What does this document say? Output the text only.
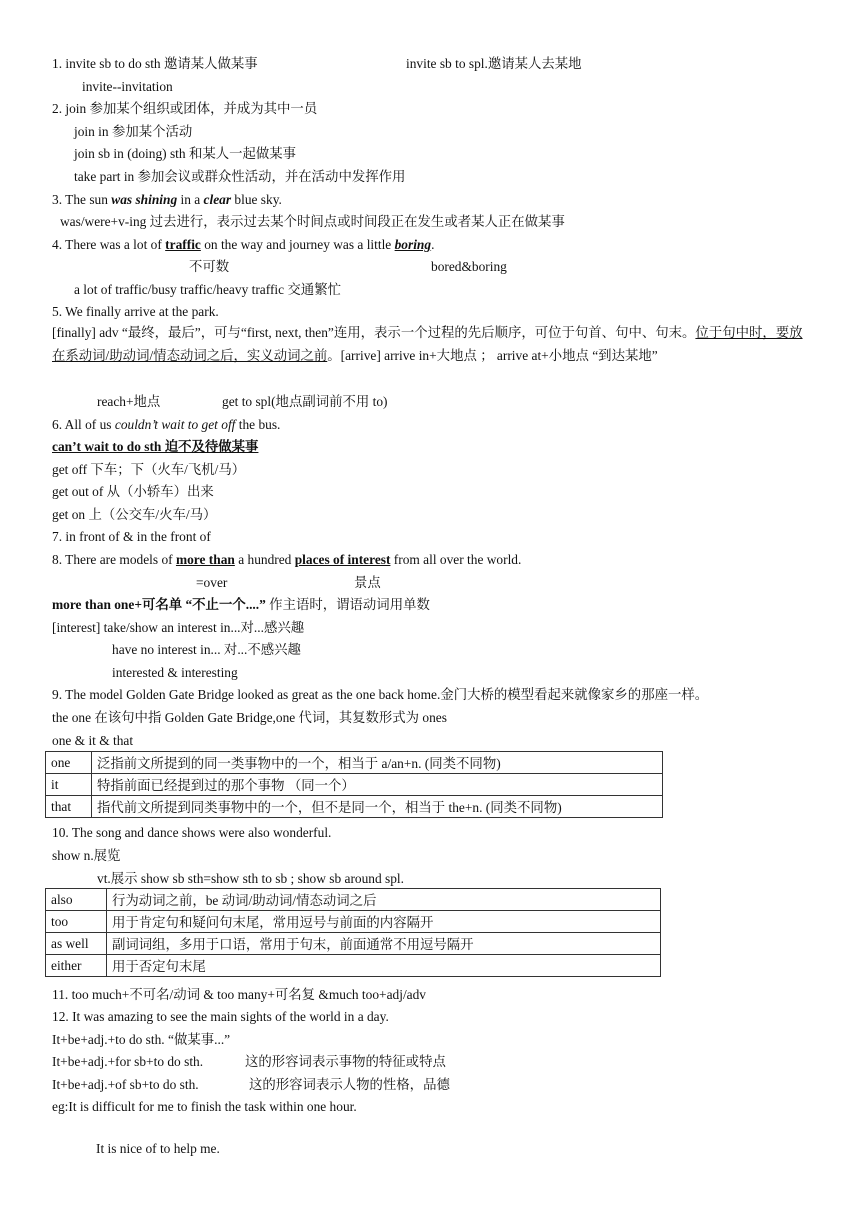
1. invite sb to do sth 邀请某人做某事	invite sb to spl.邀请某人去某地
invite--invitation
2. join 参加某个组织或团体，并成为其中一员
join in 参加某个活动
join sb in (doing) sth 和某人一起做某事
take part in 参加会议或群众性活动，并在活动中发挥作用
3. The sun was shining in a clear blue sky.
was/were+v-ing 过去进行，表示过去某个时间点或时间段正在发生或者某人正在做某事
4. There was a lot of traffic on the way and journey was a little boring.
不可数	bored&boring
a lot of traffic/busy traffic/heavy traffic 交通繁忙
5. We finally arrive at the park.
[finally] adv “最终，最后”，可与“first, next, then”连用，表示一个过程的先后顺序，可位于句首、句中、句末。位于句中时，要放在系动词/助动词/情态动词之后，实义动词之前。[arrive] arrive in+大地点 ； arrive at+小地点 “到达某地”
reach+地点	get to spl(地点副词前不用 to)
6. All of us couldn’t wait to get off the bus.
can’t wait to do sth 迫不及待做某事
get off 下车；下（火车/飞机/马）
get out of 从（小轿车）出来
get on 上（公交车/火车/马）
7. in front of & in the front of
8. There are models of more than a hundred places of interest from all over the world.
=over	景点
more than one+可名单 “不止一个....” 作主语时，谓语动词用单数
[interest] take/show an interest in...对...感兴趣
have no interest in... 对...不感兴趣
interested & interesting
9. The model Golden Gate Bridge looked as great as the one back home.金门大桥的模型看起来就像家乡的那座一样。
the one 在该句中指 Golden Gate Bridge,one 代词，其复数形式为 ones
one & it & that
one	泛指前文所提到的同一类事物中的一个，相当于 a/an+n. (同类不同物)
it	特指前面已经提到过的那个事物 （同一个）
that	指代前文所提到同类事物中的一个，但不是同一个，相当于 the+n. (同类不同物)
10. The song and dance shows were also wonderful.
show n.展览
vt.展示 show sb sth=show sth to sb ; show sb around spl.
also	行为动词之前，be 动词/助动词/情态动词之后
too	用于肯定句和疑问句末尾，常用逗号与前面的内容隔开
as well	副词词组，多用于口语，常用于句末，前面通常不用逗号隔开
either	用于否定句末尾
11. too much+不可名/动词 & too many+可名复 &much too+adj/adv
12. It was amazing to see the main sights of the world in a day.
It+be+adj.+to do sth. “做某事...”
It+be+adj.+for sb+to do sth.	这的形容词表示事物的特征或特点
It+be+adj.+of sb+to do sth.	这的形容词表示人物的性格，品德
eg:It is difficult for me to finish the task within one hour.
It is nice of to help me.
